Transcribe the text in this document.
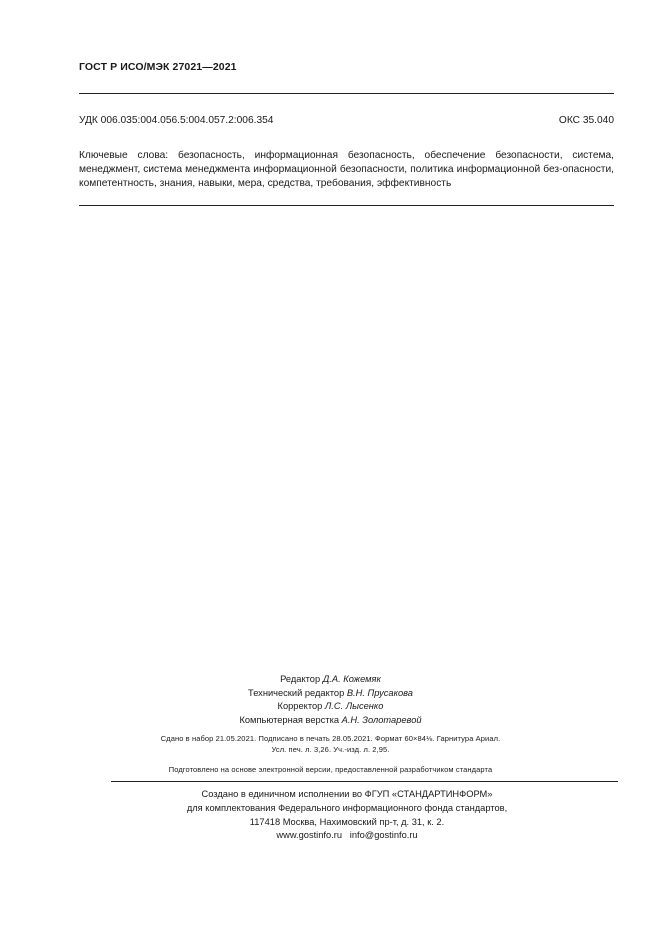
ГОСТ Р ИСО/МЭК 27021—2021
УДК 006.035:004.056.5:004.057.2:006.354	ОКС 35.040
Ключевые слова: безопасность, информационная безопасность, обеспечение безопасности, система, менеджмент, система менеджмента информационной безопасности, политика информационной без-опасности, компетентность, знания, навыки, мера, средства, требования, эффективность
Редактор Д.А. Кожемяк
Технический редактор В.Н. Прусакова
Корректор Л.С. Лысенко
Компьютерная верстка А.Н. Золотаревой
Сдано в набор 21.05.2021. Подписано в печать 28.05.2021. Формат 60×84⅛. Гарнитура Ариал.
Усл. печ. л. 3,26. Уч.-изд. л. 2,95.
Подготовлено на основе электронной версии, предоставленной разработчиком стандарта
Создано в единичном исполнении во ФГУП «СТАНДАРТИНФОРМ»
для комплектования Федерального информационного фонда стандартов,
117418 Москва, Нахимовский пр-т, д. 31, к. 2.
www.gostinfo.ru info@gostinfo.ru
